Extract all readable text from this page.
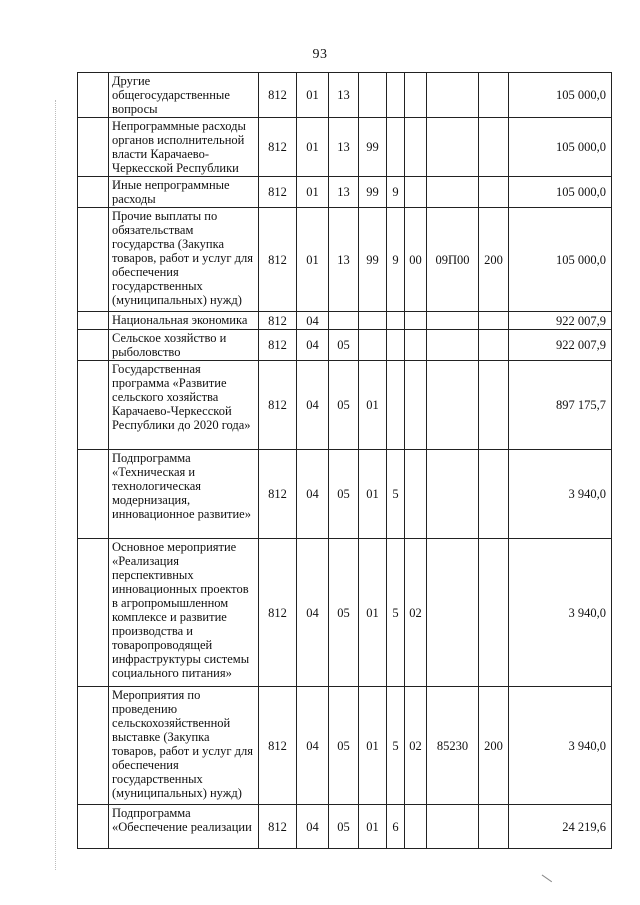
93
	Другие общегосударственные вопросы	812	01	13						105 000,0
	Непрограммные расходы органов исполнительной власти Карачаево-Черкесской Республики	812	01	13	99					105 000,0
	Иные непрограммные расходы	812	01	13	99	9				105 000,0
	Прочие выплаты по обязательствам государства (Закупка товаров, работ и услуг для обеспечения государственных (муниципальных) нужд)	812	01	13	99	9	00	09П00	200	105 000,0
	Национальная экономика	812	04							922 007,9
	Сельское хозяйство и рыболовство	812	04	05						922 007,9
	Государственная программа «Развитие сельского хозяйства Карачаево-Черкесской Республики до 2020 года»	812	04	05	01					897 175,7
	Подпрограмма «Техническая и технологическая модернизация, инновационное развитие»	812	04	05	01	5				3 940,0
	Основное мероприятие «Реализация перспективных инновационных проектов в агропромышленном комплексе и развитие производства и товаропроводящей инфраструктуры системы социального питания»	812	04	05	01	5	02			3 940,0
	Мероприятия по проведению сельскохозяйственной выставке (Закупка товаров, работ и услуг для обеспечения государственных (муниципальных) нужд)	812	04	05	01	5	02	85230	200	3 940,0
	Подпрограмма «Обеспечение реализации	812	04	05	01	6				24 219,6
